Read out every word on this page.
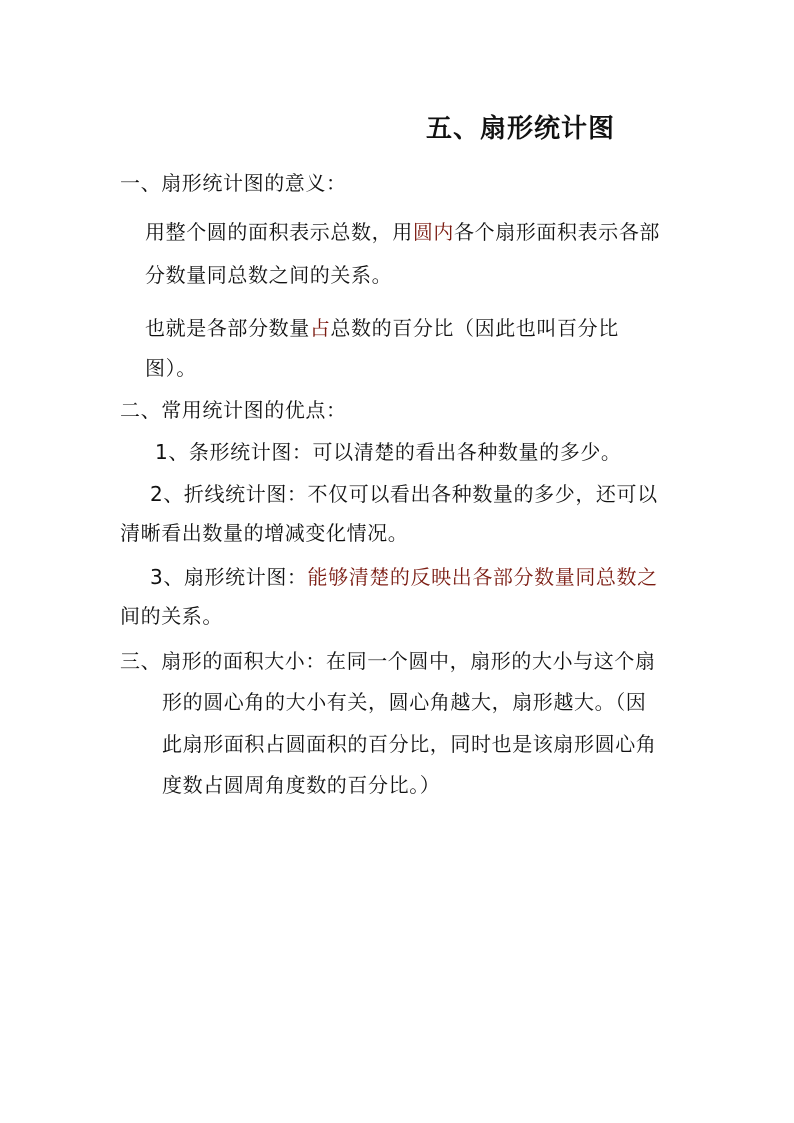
五、扇形统计图
一、扇形统计图的意义：
用整个圆的面积表示总数，用圆内各个扇形面积表示各部
分数量同总数之间的关系。
也就是各部分数量占总数的百分比（因此也叫百分比
图）。
二、常用统计图的优点：
1、条形统计图：可以清楚的看出各种数量的多少。
2、折线统计图：不仅可以看出各种数量的多少，还可以
清晰看出数量的增减变化情况。
3、扇形统计图：能够清楚的反映出各部分数量同总数之
间的关系。
三、扇形的面积大小：在同一个圆中，扇形的大小与这个扇
形的圆心角的大小有关，圆心角越大，扇形越大。（因
此扇形面积占圆面积的百分比，同时也是该扇形圆心角
度数占圆周角度数的百分比。）
